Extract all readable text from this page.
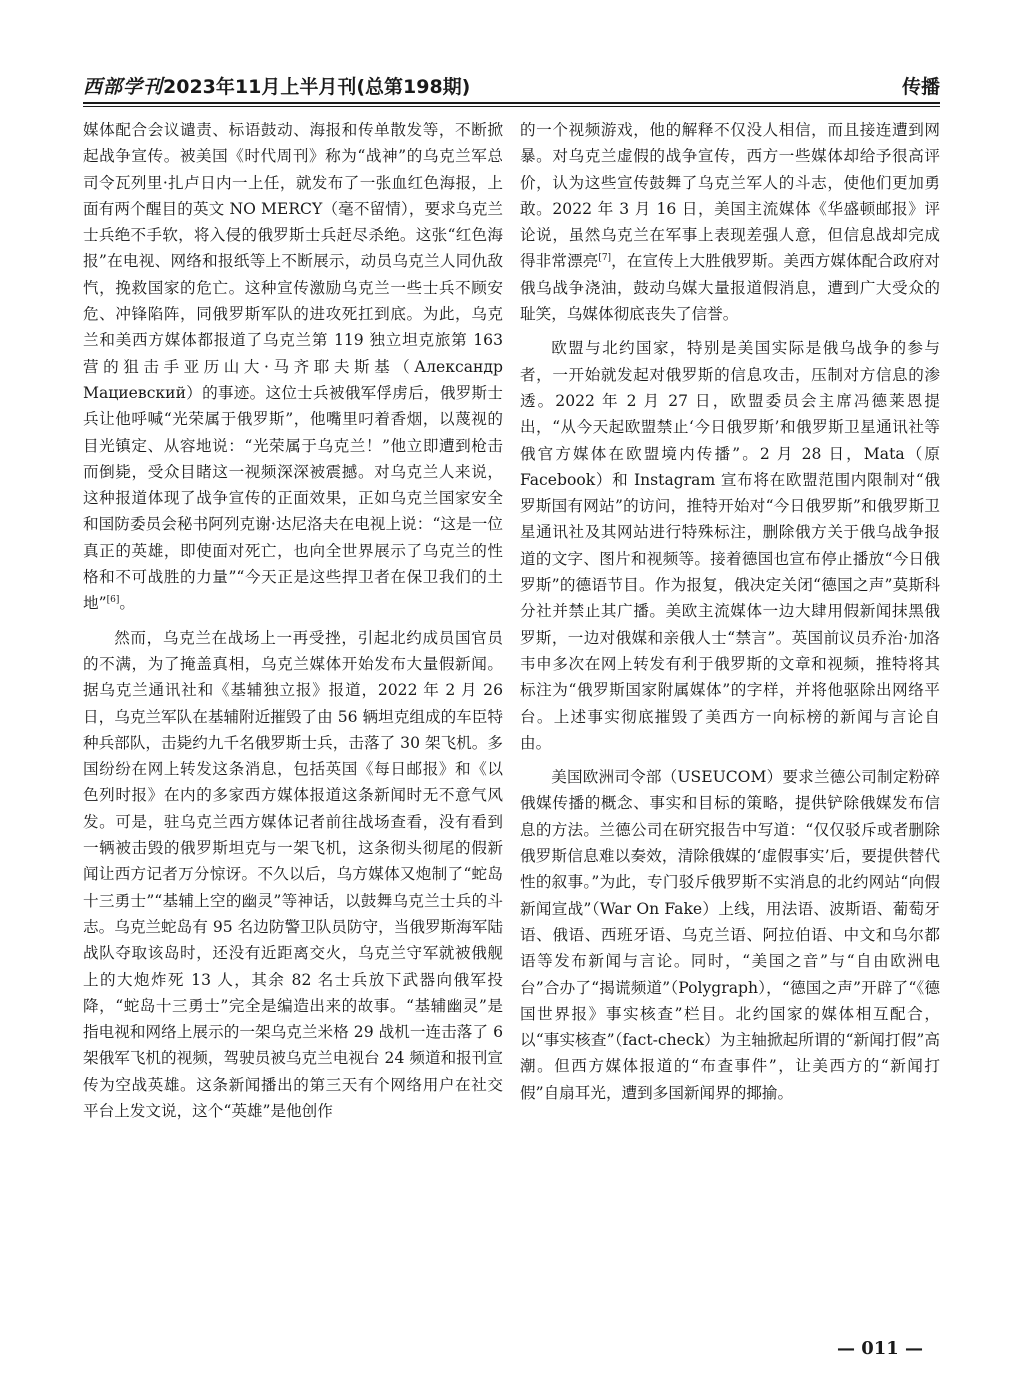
西部学刊2023年11月上半月刊(总第198期)	传播

媒体配合会议谴责、标语鼓动、海报和传单散发等，不断掀起战争宣传。被美国《时代周刊》称为“战神”的乌克兰军总司令瓦列里·扎卢日内一上任，就发布了一张血红色海报，上面有两个醒目的英文 NO MERCY（毫不留情），要求乌克兰士兵绝不手软，将入侵的俄罗斯士兵赶尽杀绝。这张“红色海报”在电视、网络和报纸等上不断展示，动员乌克兰人同仇敌忾，挽救国家的危亡。这种宣传激励乌克兰一些士兵不顾安危、冲锋陷阵，同俄罗斯军队的进攻死扛到底。为此，乌克兰和美西方媒体都报道了乌克兰第 119 独立坦克旅第 163 营的狙击手亚历山大·马齐耶夫斯基（Александр Мациевский）的事迹。这位士兵被俄军俘虏后，俄罗斯士兵让他呼喊“光荣属于俄罗斯”，他嘴里叼着香烟，以蔑视的目光镇定、从容地说：“光荣属于乌克兰！”他立即遭到枪击而倒毙，受众目睹这一视频深深被震撼。对乌克兰人来说，这种报道体现了战争宣传的正面效果，正如乌克兰国家安全和国防委员会秘书阿列克谢·达尼洛夫在电视上说：“这是一位真正的英雄，即使面对死亡，也向全世界展示了乌克兰的性格和不可战胜的力量”“今天正是这些捍卫者在保卫我们的土地”[6]。

然而，乌克兰在战场上一再受挫，引起北约成员国官员的不满，为了掩盖真相，乌克兰媒体开始发布大量假新闻。据乌克兰通讯社和《基辅独立报》报道，2022 年 2 月 26 日，乌克兰军队在基辅附近摧毁了由 56 辆坦克组成的车臣特种兵部队，击毙约九千名俄罗斯士兵，击落了 30 架飞机。多国纷纷在网上转发这条消息，包括英国《每日邮报》和《以色列时报》在内的多家西方媒体报道这条新闻时无不意气风发。可是，驻乌克兰西方媒体记者前往战场查看，没有看到一辆被击毁的俄罗斯坦克与一架飞机，这条彻头彻尾的假新闻让西方记者万分惊讶。不久以后，乌方媒体又炮制了“蛇岛十三勇士”“基辅上空的幽灵”等神话，以鼓舞乌克兰士兵的斗志。乌克兰蛇岛有 95 名边防警卫队员防守，当俄罗斯海军陆战队夺取该岛时，还没有近距离交火，乌克兰守军就被俄舰上的大炮炸死 13 人，其余 82 名士兵放下武器向俄军投降，“蛇岛十三勇士”完全是编造出来的故事。“基辅幽灵”是指电视和网络上展示的一架乌克兰米格 29 战机一连击落了 6 架俄军飞机的视频，驾驶员被乌克兰电视台 24 频道和报刊宣传为空战英雄。这条新闻播出的第三天有个网络用户在社交平台上发文说，这个“英雄”是他创作

的一个视频游戏，他的解释不仅没人相信，而且接连遭到网暴。对乌克兰虚假的战争宣传，西方一些媒体却给予很高评价，认为这些宣传鼓舞了乌克兰军人的斗志，使他们更加勇敢。2022 年 3 月 16 日，美国主流媒体《华盛顿邮报》评论说，虽然乌克兰在军事上表现差强人意，但信息战却完成得非常漂亮[7]，在宣传上大胜俄罗斯。美西方媒体配合政府对俄乌战争浇油，鼓动乌媒大量报道假消息，遭到广大受众的耻笑，乌媒体彻底丧失了信誉。

欧盟与北约国家，特别是美国实际是俄乌战争的参与者，一开始就发起对俄罗斯的信息攻击，压制对方信息的渗透。2022 年 2 月 27 日，欧盟委员会主席冯德莱恩提出，“从今天起欧盟禁止‘今日俄罗斯’和俄罗斯卫星通讯社等俄官方媒体在欧盟境内传播”。2 月 28 日，Mata（原 Facebook）和 Instagram 宣布将在欧盟范围内限制对“俄罗斯国有网站”的访问，推特开始对“今日俄罗斯”和俄罗斯卫星通讯社及其网站进行特殊标注，删除俄方关于俄乌战争报道的文字、图片和视频等。接着德国也宣布停止播放“今日俄罗斯”的德语节目。作为报复，俄决定关闭“德国之声”莫斯科分社并禁止其广播。美欧主流媒体一边大肆用假新闻抹黑俄罗斯，一边对俄媒和亲俄人士“禁言”。英国前议员乔治·加洛韦申多次在网上转发有利于俄罗斯的文章和视频，推特将其标注为“俄罗斯国家附属媒体”的字样，并将他驱除出网络平台。上述事实彻底摧毁了美西方一向标榜的新闻与言论自由。

美国欧洲司令部（USEUCOM）要求兰德公司制定粉碎俄媒传播的概念、事实和目标的策略，提供铲除俄媒发布信息的方法。兰德公司在研究报告中写道：“仅仅驳斥或者删除俄罗斯信息难以奏效，清除俄媒的‘虚假事实’后，要提供替代性的叙事。”为此，专门驳斥俄罗斯不实消息的北约网站“向假新闻宣战”（War On Fake）上线，用法语、波斯语、葡萄牙语、俄语、西班牙语、乌克兰语、阿拉伯语、中文和乌尔都语等发布新闻与言论。同时，“美国之音”与“自由欧洲电台”合办了“揭谎频道”（Polygraph），“德国之声”开辟了“《德国世界报》事实核查”栏目。北约国家的媒体相互配合，以“事实核查”（fact-check）为主轴掀起所谓的“新闻打假”高潮。但西方媒体报道的“布查事件”，让美西方的“新闻打假”自扇耳光，遭到多国新闻界的揶揄。

— 011 —
